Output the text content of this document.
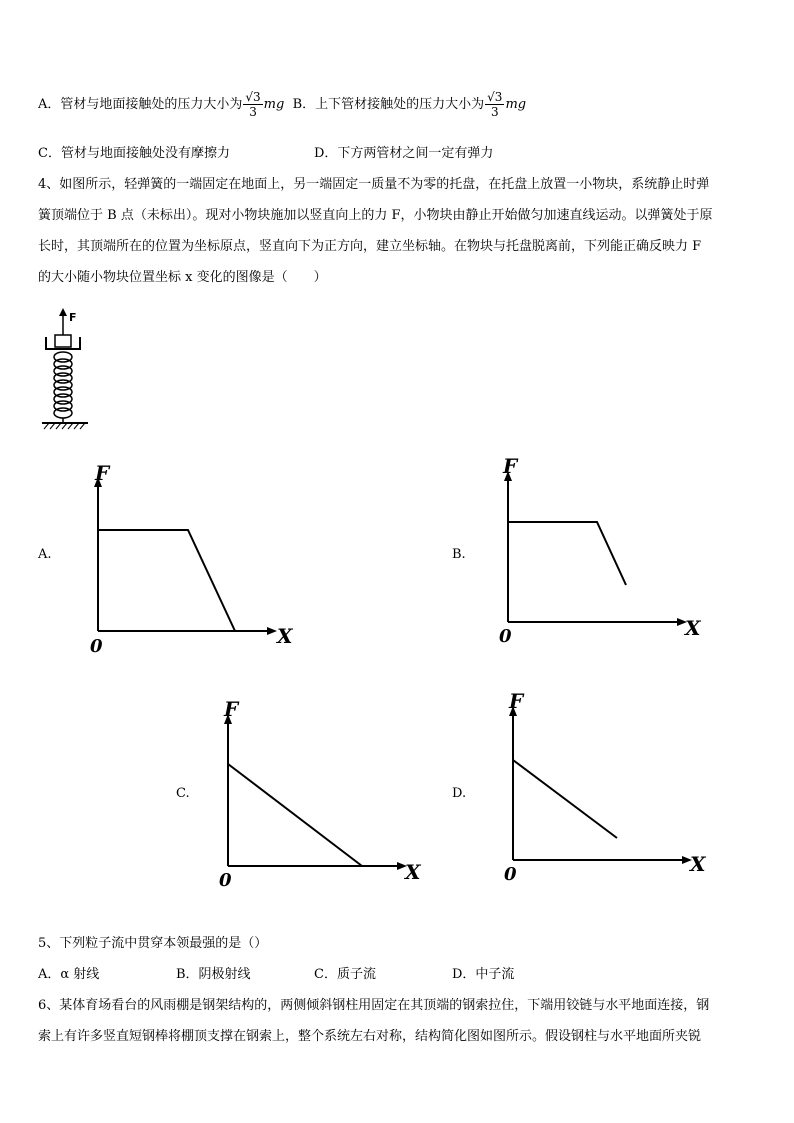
A．管材与地面接触处的压力大小为 $\frac{√3}{3}$ mg B．上下管材接触处的压力大小为 $\frac{√3}{3}$ mg
C．管材与地面接触处没有摩擦力	D．下方两管材之间一定有弹力
4、如图所示，轻弹簧的一端固定在地面上，另一端固定一质量不为零的托盘，在托盘上放置一小物块，系统静止时弹
簧顶端位于 B 点（未标出）。现对小物块施加以竖直向上的力 F，小物块由静止开始做匀加速直线运动。以弹簧处于原
长时，其顶端所在的位置为坐标原点，竖直向下为正方向，建立坐标轴。在物块与托盘脱离前，下列能正确反映力 F
的大小随小物块位置坐标 x 变化的图像是（　　）
F
A.
F
X
0
B.
F
X
0
C.
F
X
0
D.
F
X
0
5、下列粒子流中贯穿本领最强的是（）
A．α 射线	B．阴极射线	C．质子流	D．中子流
6、某体育场看台的风雨棚是钢架结构的，两侧倾斜钢柱用固定在其顶端的钢索拉住，下端用铰链与水平地面连接，钢
索上有许多竖直短钢棒将棚顶支撑在钢索上，整个系统左右对称，结构简化图如图所示。假设钢柱与水平地面所夹锐
